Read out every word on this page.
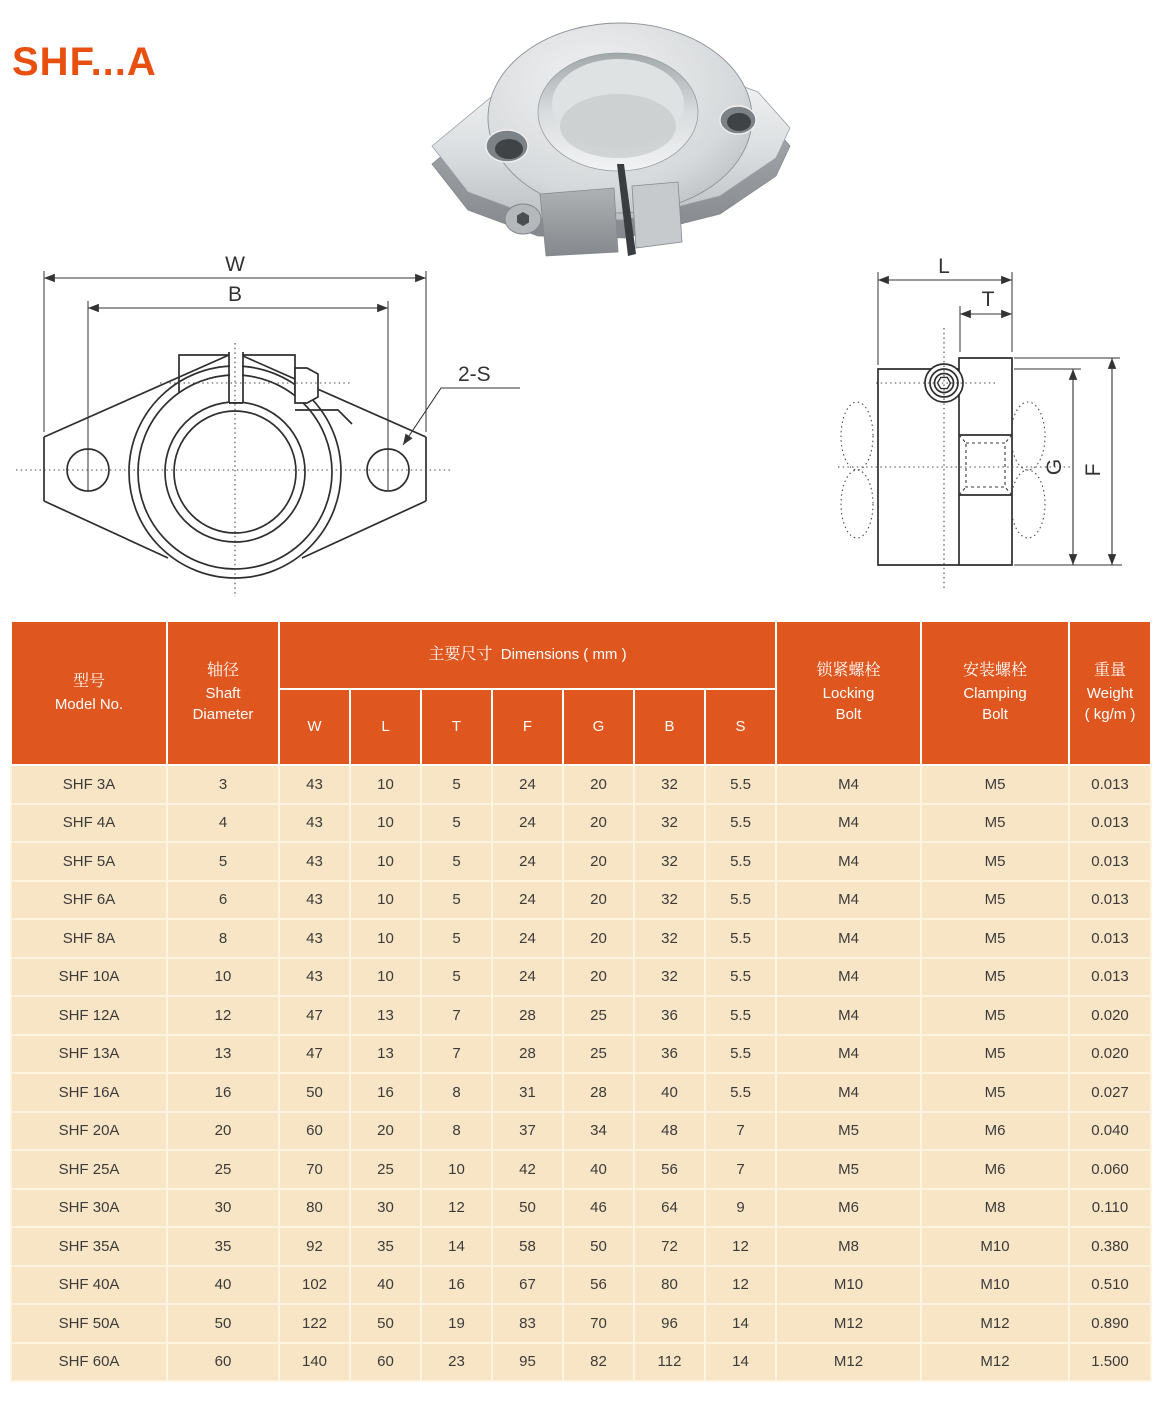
SHF...A
W
B
2-S
L
T
G F
型号
Model No.

轴径
Shaft
Diameter
	主要尺寸 Dimensions ( mm )	
锁紧螺栓
Locking
Bolt

安装螺栓
Clamping
Bolt

重量
Weight
( kg/m )

		W	L	T	F	G	B	S			
SHF 3A	3	43	10	5	24	20	32	5.5	M4	M5	0.013
SHF 4A	4	43	10	5	24	20	32	5.5	M4	M5	0.013
SHF 5A	5	43	10	5	24	20	32	5.5	M4	M5	0.013
SHF 6A	6	43	10	5	24	20	32	5.5	M4	M5	0.013
SHF 8A	8	43	10	5	24	20	32	5.5	M4	M5	0.013
SHF 10A	10	43	10	5	24	20	32	5.5	M4	M5	0.013
SHF 12A	12	47	13	7	28	25	36	5.5	M4	M5	0.020
SHF 13A	13	47	13	7	28	25	36	5.5	M4	M5	0.020
SHF 16A	16	50	16	8	31	28	40	5.5	M4	M5	0.027
SHF 20A	20	60	20	8	37	34	48	7	M5	M6	0.040
SHF 25A	25	70	25	10	42	40	56	7	M5	M6	0.060
SHF 30A	30	80	30	12	50	46	64	9	M6	M8	0.110
SHF 35A	35	92	35	14	58	50	72	12	M8	M10	0.380
SHF 40A	40	102	40	16	67	56	80	12	M10	M10	0.510
SHF 50A	50	122	50	19	83	70	96	14	M12	M12	0.890
SHF 60A	60	140	60	23	95	82	112	14	M12	M12	1.500
